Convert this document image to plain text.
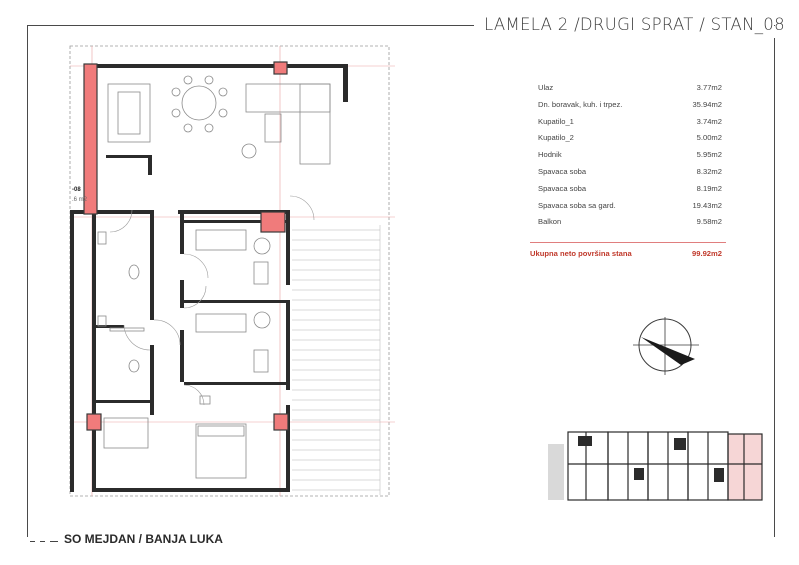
LAMELA 2 /DRUGI SPRAT / STAN_08
SO MEJDAN / BANJA LUKA
Ulaz	3.77m2
Dn. boravak, kuh. i trpez.	35.94m2
Kupatilo_1	3.74m2
Kupatilo_2	5.00m2
Hodnik	5.95m2
Spavaca soba	8.32m2
Spavaca soba	8.19m2
Spavaca soba sa gard.	19.43m2
Balkon	9.58m2
Ukupna neto površina stana	99.92m2
-08
.6 m2
